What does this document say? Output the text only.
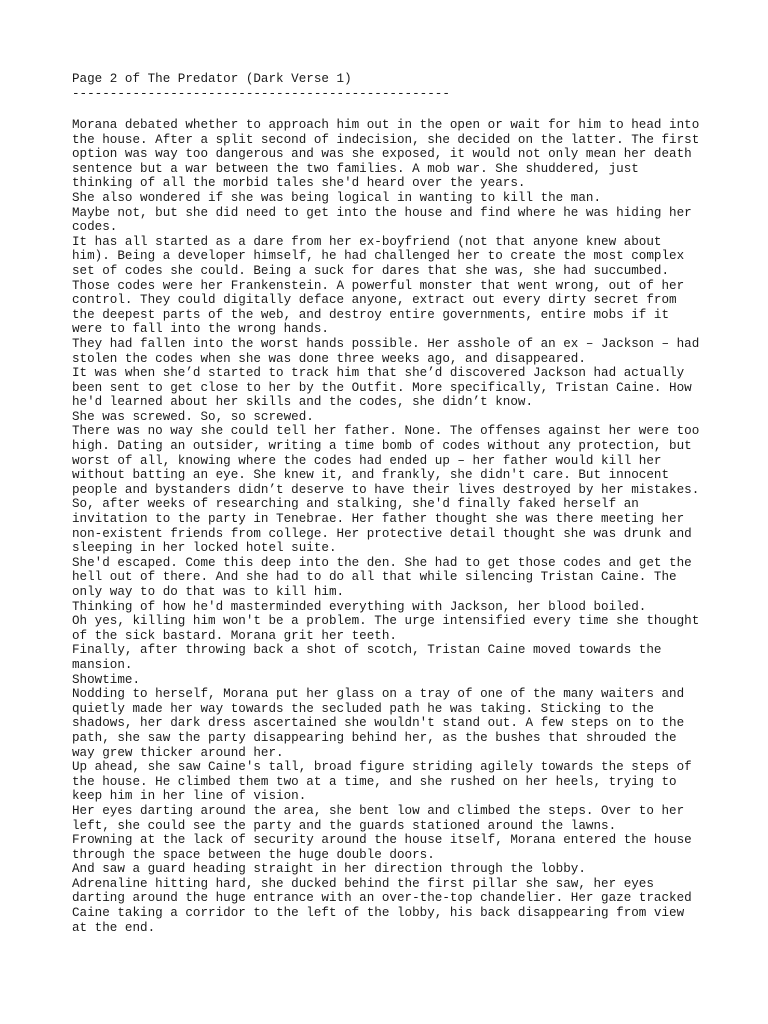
Page 2 of The Predator (Dark Verse 1)

--------------------------------------------------

Morana debated whether to approach him out in the open or wait for him to head into
the house. After a split second of indecision, she decided on the latter. The first
option was way too dangerous and was she exposed, it would not only mean her death
sentence but a war between the two families. A mob war. She shuddered, just
thinking of all the morbid tales she'd heard over the years.

She also wondered if she was being logical in wanting to kill the man.

Maybe not, but she did need to get into the house and find where he was hiding her
codes.

It has all started as a dare from her ex-boyfriend (not that anyone knew about
him). Being a developer himself, he had challenged her to create the most complex
set of codes she could. Being a suck for dares that she was, she had succumbed.
Those codes were her Frankenstein. A powerful monster that went wrong, out of her
control. They could digitally deface anyone, extract out every dirty secret from
the deepest parts of the web, and destroy entire governments, entire mobs if it
were to fall into the wrong hands.

They had fallen into the worst hands possible. Her asshole of an ex – Jackson – had
stolen the codes when she was done three weeks ago, and disappeared.

It was when she’d started to track him that she’d discovered Jackson had actually
been sent to get close to her by the Outfit. More specifically, Tristan Caine. How
he'd learned about her skills and the codes, she didn’t know.

She was screwed. So, so screwed.

There was no way she could tell her father. None. The offenses against her were too
high. Dating an outsider, writing a time bomb of codes without any protection, but
worst of all, knowing where the codes had ended up – her father would kill her
without batting an eye. She knew it, and frankly, she didn't care. But innocent
people and bystanders didn’t deserve to have their lives destroyed by her mistakes.

So, after weeks of researching and stalking, she'd finally faked herself an
invitation to the party in Tenebrae. Her father thought she was there meeting her
non-existent friends from college. Her protective detail thought she was drunk and
sleeping in her locked hotel suite.

She'd escaped. Come this deep into the den. She had to get those codes and get the
hell out of there. And she had to do all that while silencing Tristan Caine. The
only way to do that was to kill him.

Thinking of how he'd masterminded everything with Jackson, her blood boiled.

Oh yes, killing him won't be a problem. The urge intensified every time she thought
of the sick bastard. Morana grit her teeth.

Finally, after throwing back a shot of scotch, Tristan Caine moved towards the
mansion.

Showtime.

Nodding to herself, Morana put her glass on a tray of one of the many waiters and
quietly made her way towards the secluded path he was taking. Sticking to the
shadows, her dark dress ascertained she wouldn't stand out. A few steps on to the
path, she saw the party disappearing behind her, as the bushes that shrouded the
way grew thicker around her.

Up ahead, she saw Caine's tall, broad figure striding agilely towards the steps of
the house. He climbed them two at a time, and she rushed on her heels, trying to
keep him in her line of vision.

Her eyes darting around the area, she bent low and climbed the steps. Over to her
left, she could see the party and the guards stationed around the lawns.

Frowning at the lack of security around the house itself, Morana entered the house
through the space between the huge double doors.

And saw a guard heading straight in her direction through the lobby.

Adrenaline hitting hard, she ducked behind the first pillar she saw, her eyes
darting around the huge entrance with an over-the-top chandelier. Her gaze tracked
Caine taking a corridor to the left of the lobby, his back disappearing from view
at the end.
